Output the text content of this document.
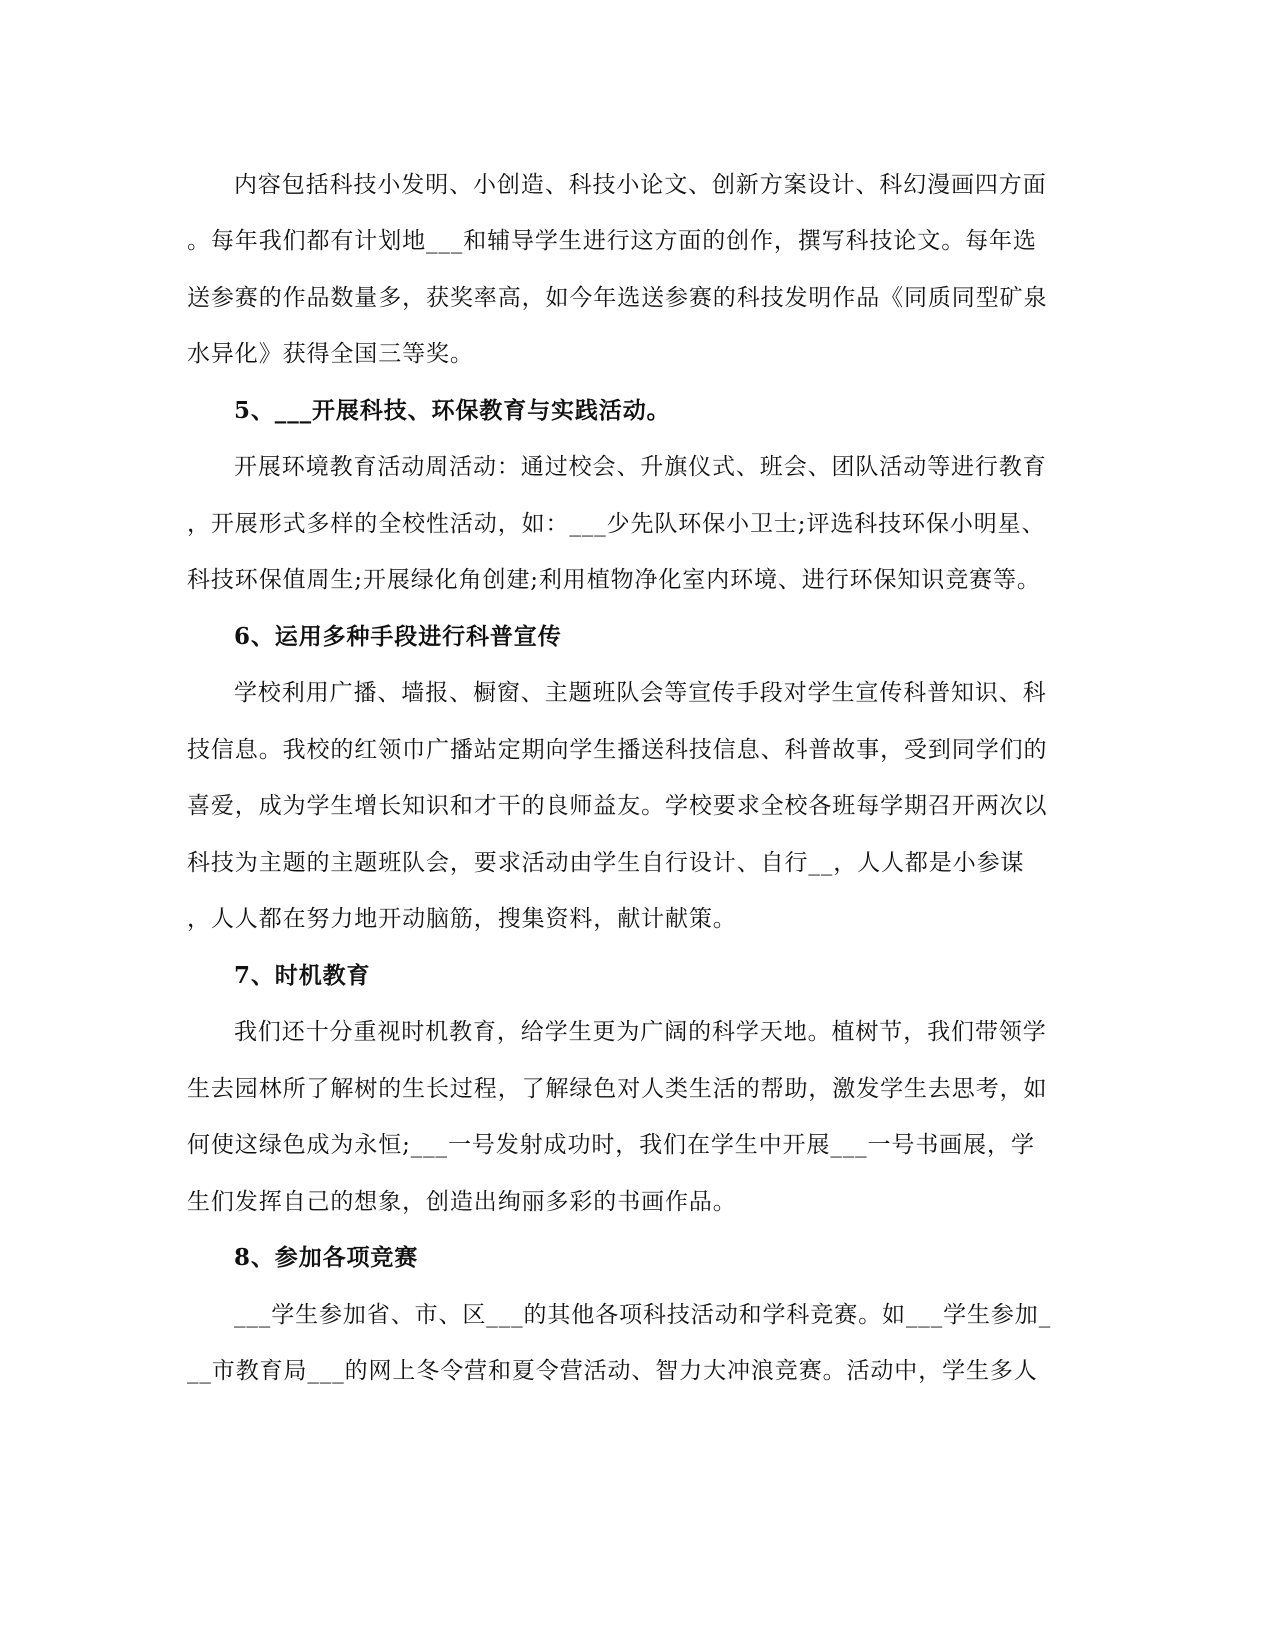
内容包括科技小发明、小创造、科技小论文、创新方案设计、科幻漫画四方面
。每年我们都有计划地___和辅导学生进行这方面的创作，撰写科技论文。每年选
送参赛的作品数量多，获奖率高，如今年选送参赛的科技发明作品《同质同型矿泉
水异化》获得全国三等奖。
5、___开展科技、环保教育与实践活动。
开展环境教育活动周活动：通过校会、升旗仪式、班会、团队活动等进行教育
，开展形式多样的全校性活动，如：___少先队环保小卫士;评选科技环保小明星、
科技环保值周生;开展绿化角创建;利用植物净化室内环境、进行环保知识竞赛等。
6、运用多种手段进行科普宣传
学校利用广播、墙报、橱窗、主题班队会等宣传手段对学生宣传科普知识、科
技信息。我校的红领巾广播站定期向学生播送科技信息、科普故事，受到同学们的
喜爱，成为学生增长知识和才干的良师益友。学校要求全校各班每学期召开两次以
科技为主题的主题班队会，要求活动由学生自行设计、自行__，人人都是小参谋
，人人都在努力地开动脑筋，搜集资料，献计献策。
7、时机教育
我们还十分重视时机教育，给学生更为广阔的科学天地。植树节，我们带领学
生去园林所了解树的生长过程，了解绿色对人类生活的帮助，激发学生去思考，如
何使这绿色成为永恒;___一号发射成功时，我们在学生中开展___一号书画展，学
生们发挥自己的想象，创造出绚丽多彩的书画作品。
8、参加各项竞赛
___学生参加省、市、区___的其他各项科技活动和学科竞赛。如___学生参加_
__市教育局___的网上冬令营和夏令营活动、智力大冲浪竞赛。活动中，学生多人
